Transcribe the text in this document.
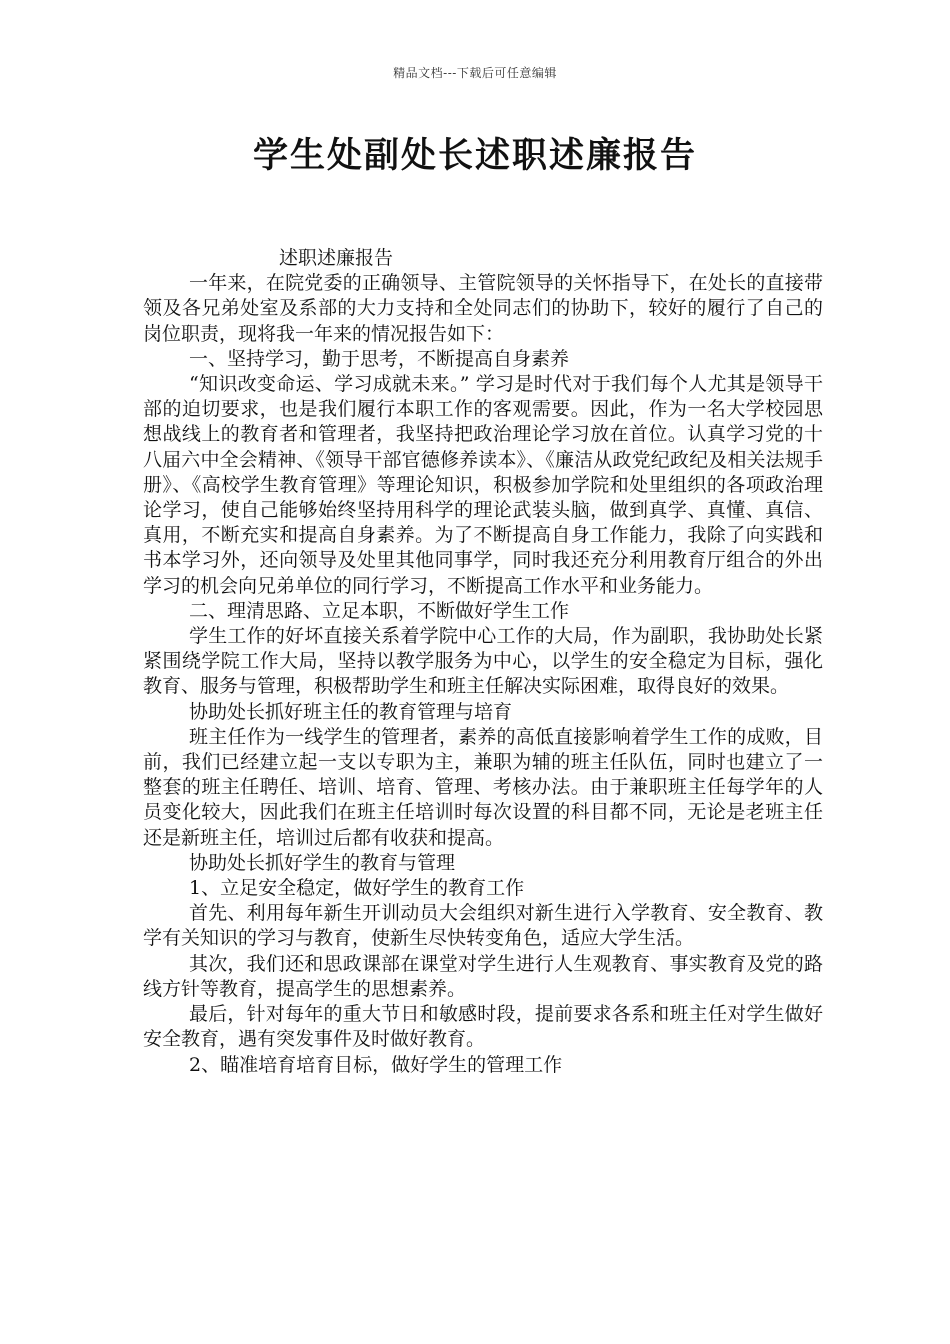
精品文档---下载后可任意编辑
学生处副处长述职述廉报告

述职述廉报告

一年来，在院党委的正确领导、主管院领导的关怀指导下，在处长的直接带领及各兄弟处室及系部的大力支持和全处同志们的协助下，较好的履行了自己的岗位职责，现将我一年来的情况报告如下：

一、坚持学习，勤于思考，不断提高自身素养

“知识改变命运、学习成就未来。” 学习是时代对于我们每个人尤其是领导干部的迫切要求，也是我们履行本职工作的客观需要。因此，作为一名大学校园思想战线上的教育者和管理者，我坚持把政治理论学习放在首位。认真学习党的十八届六中全会精神、《领导干部官德修养读本》、《廉洁从政党纪政纪及相关法规手册》、《高校学生教育管理》等理论知识，积极参加学院和处里组织的各项政治理论学习，使自己能够始终坚持用科学的理论武装头脑，做到真学、真懂、真信、真用，不断充实和提高自身素养。为了不断提高自身工作能力，我除了向实践和书本学习外，还向领导及处里其他同事学，同时我还充分利用教育厅组合的外出学习的机会向兄弟单位的同行学习，不断提高工作水平和业务能力。

二、理清思路、立足本职，不断做好学生工作

学生工作的好坏直接关系着学院中心工作的大局，作为副职，我协助处长紧紧围绕学院工作大局，坚持以教学服务为中心，以学生的安全稳定为目标，强化教育、服务与管理，积极帮助学生和班主任解决实际困难，取得良好的效果。

协助处长抓好班主任的教育管理与培育

班主任作为一线学生的管理者，素养的高低直接影响着学生工作的成败，目前，我们已经建立起一支以专职为主，兼职为辅的班主任队伍，同时也建立了一整套的班主任聘任、培训、培育、管理、考核办法。由于兼职班主任每学年的人员变化较大，因此我们在班主任培训时每次设置的科目都不同，无论是老班主任还是新班主任，培训过后都有收获和提高。

协助处长抓好学生的教育与管理

1、立足安全稳定，做好学生的教育工作

首先、利用每年新生开训动员大会组织对新生进行入学教育、安全教育、教学有关知识的学习与教育，使新生尽快转变角色，适应大学生活。

其次，我们还和思政课部在课堂对学生进行人生观教育、事实教育及党的路线方针等教育，提高学生的思想素养。

最后，针对每年的重大节日和敏感时段，提前要求各系和班主任对学生做好安全教育，遇有突发事件及时做好教育。

2、瞄准培育培育目标，做好学生的管理工作
